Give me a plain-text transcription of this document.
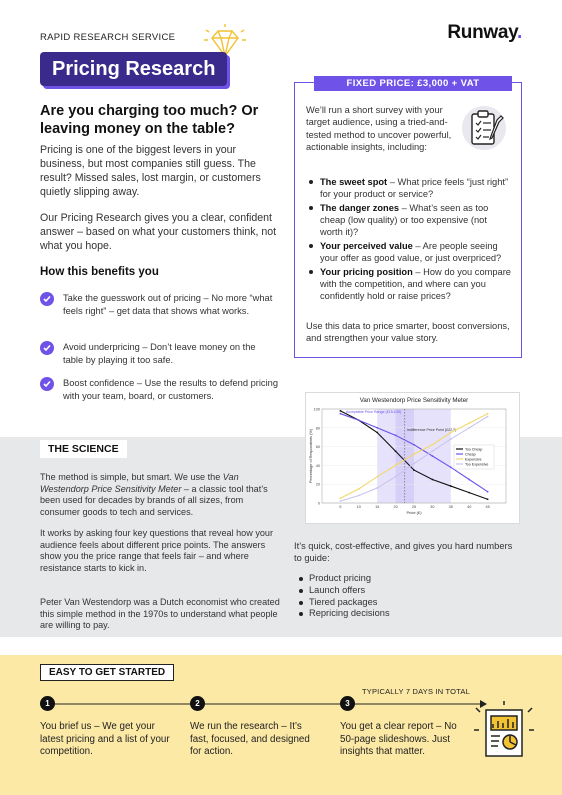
RAPID RESEARCH SERVICE	Runway.
Pricing Research
Are you charging too much? Or leaving money on the table?
Pricing is one of the biggest levers in your business, but most companies still guess. The result? Missed sales, lost margin, or customers quietly slipping away.
Our Pricing Research gives you a clear, confident answer – based on what your customers think, not what you hope.
How this benefits you
Take the guesswork out of pricing – No more “what feels right” – get data that shows what works.
Avoid underpricing – Don’t leave money on the table by playing it too safe.
Boost confidence – Use the results to defend pricing with your team, board, or customers.
FIXED PRICE: £3,000 + VAT
We’ll run a short survey with your target audience, using a tried-and-tested method to uncover powerful, actionable insights, including:
The sweet spot – What price feels “just right” for your product or service?
The danger zones – What’s seen as too cheap (low quality) or too expensive (not worth it)?
Your perceived value – Are people seeing your offer as good value, or just overpriced?
Your pricing position – How do you compare with the competition, and where can you confidently hold or raise prices?
Use this data to price smarter, boost conversions, and strengthen your value story.
THE SCIENCE
The method is simple, but smart. We use the Van Westendorp Price Sensitivity Meter – a classic tool that’s been used for decades by brands of all sizes, from consumer goods to tech and services.
It works by asking four key questions that reveal how your audience feels about different price points. The answers show you the price range that feels fair – and where resistance starts to kick in.
Peter Van Westendorp was a Dutch economist who created this simple method in the 1970s to understand what people are willing to pay.
Van Westendorp Price Sensitivity Meter
0
20
40
60
80
100
5	10	15	20	25	30	35	40	45
Price (£)
Percentage of Respondents (%)	Indifference Price Point (£22.5)
Acceptable Price Range (£15-£35)
Too Cheap
Cheap
Expensive
Too Expensive
It’s quick, cost-effective, and gives you hard numbers to guide:
Product pricing
Launch offers
Tiered packages
Repricing decisions
EASY TO GET STARTED
TYPICALLY 7 DAYS IN TOTAL
1	2	3
You brief us – We get your latest pricing and a list of your competition.
We run the research – It’s fast, focused, and designed for action.
You get a clear report – No 50-page slideshows. Just insights that matter.
